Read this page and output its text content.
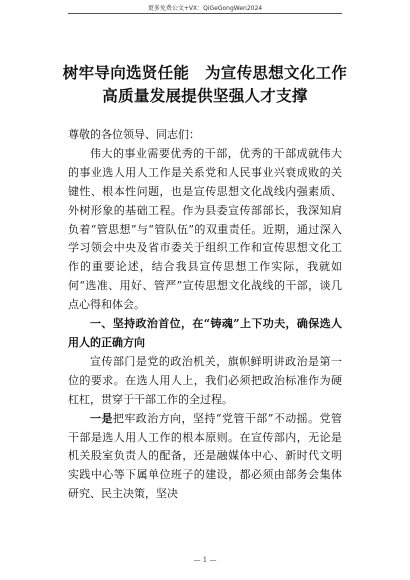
更多免费公文+VX：QiGeGongWen2024
树牢导向选贤任能　为宣传思想文化工作
高质量发展提供坚强人才支撑

尊敬的各位领导、同志们：

伟大的事业需要优秀的干部，优秀的干部成就伟大的事业选人用人工作是关系党和人民事业兴衰成败的关键性、根本性问题，也是宣传思想文化战线内强素质、外树形象的基础工程。作为县委宣传部部长，我深知肩负着“管思想”与“管队伍”的双重责任。近期，通过深入学习领会中央及省市委关于组织工作和宣传思想文化工作的重要论述，结合我县宣传思想工作实际，我就如何“选准、用好、管严”宣传思想文化战线的干部，谈几点心得和体会。

一、坚持政治首位，在“铸魂”上下功夫，确保选人用人的正确方向

宣传部门是党的政治机关，旗帜鲜明讲政治是第一位的要求。在选人用人上，我们必须把政治标准作为硬杠杠，贯穿于干部工作的全过程。

一是把牢政治方向，坚持“党管干部”不动摇。党管干部是选人用人工作的根本原则。在宣传部内，无论是机关股室负责人的配备，还是融媒体中心、新时代文明实践中心等下属单位班子的建设，都必须由部务会集体研究、民主决策，坚决

— 1 —
